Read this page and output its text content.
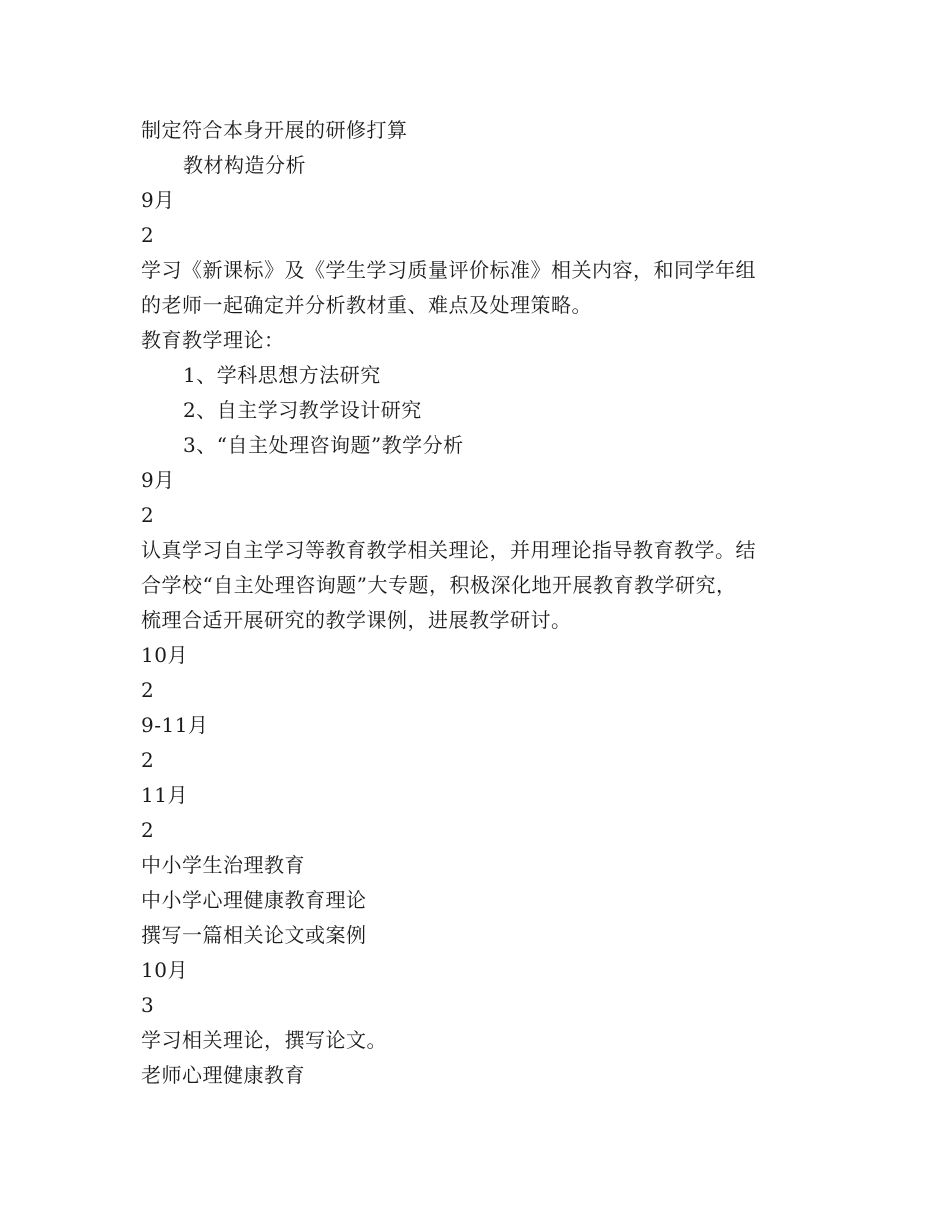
制定符合本身开展的研修打算
教材构造分析
9月
2
学习《新课标》及《学生学习质量评价标准》相关内容，和同学年组
的老师一起确定并分析教材重、难点及处理策略。
教育教学理论：
1、学科思想方法研究
2、自主学习教学设计研究
3、“自主处理咨询题”教学分析
9月
2
认真学习自主学习等教育教学相关理论，并用理论指导教育教学。结
合学校“自主处理咨询题”大专题，积极深化地开展教育教学研究，
梳理合适开展研究的教学课例，进展教学研讨。
10月
2
9-11月
2
11月
2
中小学生治理教育
中小学心理健康教育理论
撰写一篇相关论文或案例
10月
3
学习相关理论，撰写论文。
老师心理健康教育
